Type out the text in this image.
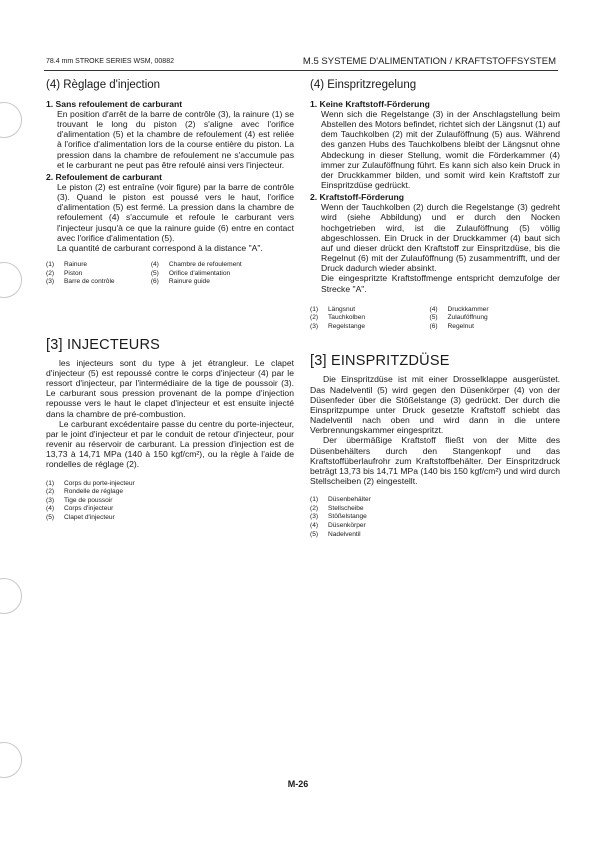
78.4 mm STROKE SERIES WSM, 00882	M.5 SYSTEME D'ALIMENTATION / KRAFTSTOFFSYSTEM
(4) Règlage d'injection
1. Sans refoulement de carburant
En position d'arrêt de la barre de contrôle (3), la rainure (1) se trouvant le long du piston (2) s'aligne avec l'orifice d'alimentation (5) et la chambre de refoulement (4) est reliée à l'orifice d'alimentation lors de la course entière du piston. La pression dans la chambre de refoulement ne s'accumule pas et le carburant ne peut pas être refoulé ainsi vers l'injecteur.
2. Refoulement de carburant
Le piston (2) est entraîne (voir figure) par la barre de contrôle (3). Quand le piston est poussé vers le haut, l'orifice d'alimentation (5) est fermé. La pression dans la chambre de refoulement (4) s'accumule et refoule le carburant vers l'injecteur jusqu'à ce que la rainure guide (6) entre en contact avec l'orifice d'alimentation (5).
La quantité de carburant correspond à la distance "A".
(1)	Rainure	(4)	Chambre de refoulement
(2)	Piston	(5)	Orifice d'alimentation
(3)	Barre de contrôle	(6)	Rainure guide
[3] INJECTEURS
les injecteurs sont du type à jet étrangleur. Le clapet d'injecteur (5) est repoussé contre le corps d'injecteur (4) par le ressort d'injecteur, par l'intermédiaire de la tige de poussoir (3). Le carburant sous pression provenant de la pompe d'injection repousse vers le haut le clapet d'injecteur et est ensuite injecté dans la chambre de pré-combustion.
Le carburant excédentaire passe du centre du porte-injecteur, par le joint d'injecteur et par le conduit de retour d'injecteur, pour revenir au réservoir de carburant. La pression d'injection est de 13,73 à 14,71 MPa (140 à 150 kgf/cm²), ou la règle à l'aide de rondelles de réglage (2).
(1) Corps du porte-injecteur
(2) Rondelle de réglage
(3) Tige de poussoir
(4) Corps d'injecteur
(5) Clapet d'injecteur
(4) Einspritzregelung
1. Keine Kraftstoff-Förderung
Wenn sich die Regelstange (3) in der Anschlagstellung beim Abstellen des Motors befindet, richtet sich der Längsnut (1) auf dem Tauchkolben (2) mit der Zulauföffnung (5) aus. Während des ganzen Hubs des Tauchkolbens bleibt der Längsnut ohne Abdeckung in dieser Stellung, womit die Förderkammer (4) immer zur Zulauföffnung führt. Es kann sich also kein Druck in der Druckkammer bilden, und somit wird kein Kraftstoff zur Einspritzdüse gedrückt.
2. Kraftstoff-Förderung
Wenn der Tauchkolben (2) durch die Regelstange (3) gedreht wird (siehe Abbildung) und er durch den Nocken hochgetrieben wird, ist die Zulauföffnung (5) völlig abgeschlossen. Ein Druck in der Druckkammer (4) baut sich auf und dieser drückt den Kraftstoff zur Einspritzdüse, bis die Regelnut (6) mit der Zulauföffnung (5) zusammentrifft, und der Druck dadurch wieder absinkt.
Die eingespritzte Kraftstoffmenge entspricht demzufolge der Strecke "A".
(1)	Längsnut	(4)	Druckkammer
(2)	Tauchkolben	(5)	Zulauföffnung
(3)	Regelstange	(6)	Regelnut
[3] EINSPRITZDÜSE
Die Einspritzdüse ist mit einer Drosselklappe ausgerüstet. Das Nadelventil (5) wird gegen den Düsenkörper (4) von der Düsenfeder über die Stößelstange (3) gedrückt. Der durch die Einspritzpumpe unter Druck gesetzte Kraftstoff schiebt das Nadelventil nach oben und wird dann in die untere Verbrennungskammer eingespritzt.
Der übermäßige Kraftstoff fließt von der Mitte des Düsenbehälters durch den Stangenkopf und das Kraftstoffüberlaufrohr zum Kraftstoffbehälter. Der Einspritzdruck beträgt 13,73 bis 14,71 MPa (140 bis 150 kgf/cm²) und wird durch Stellscheiben (2) eingestellt.
(1) Düsenbehälter
(2) Stellscheibe
(3) Stößelstange
(4) Düsenkörper
(5) Nadelventil
M-26
